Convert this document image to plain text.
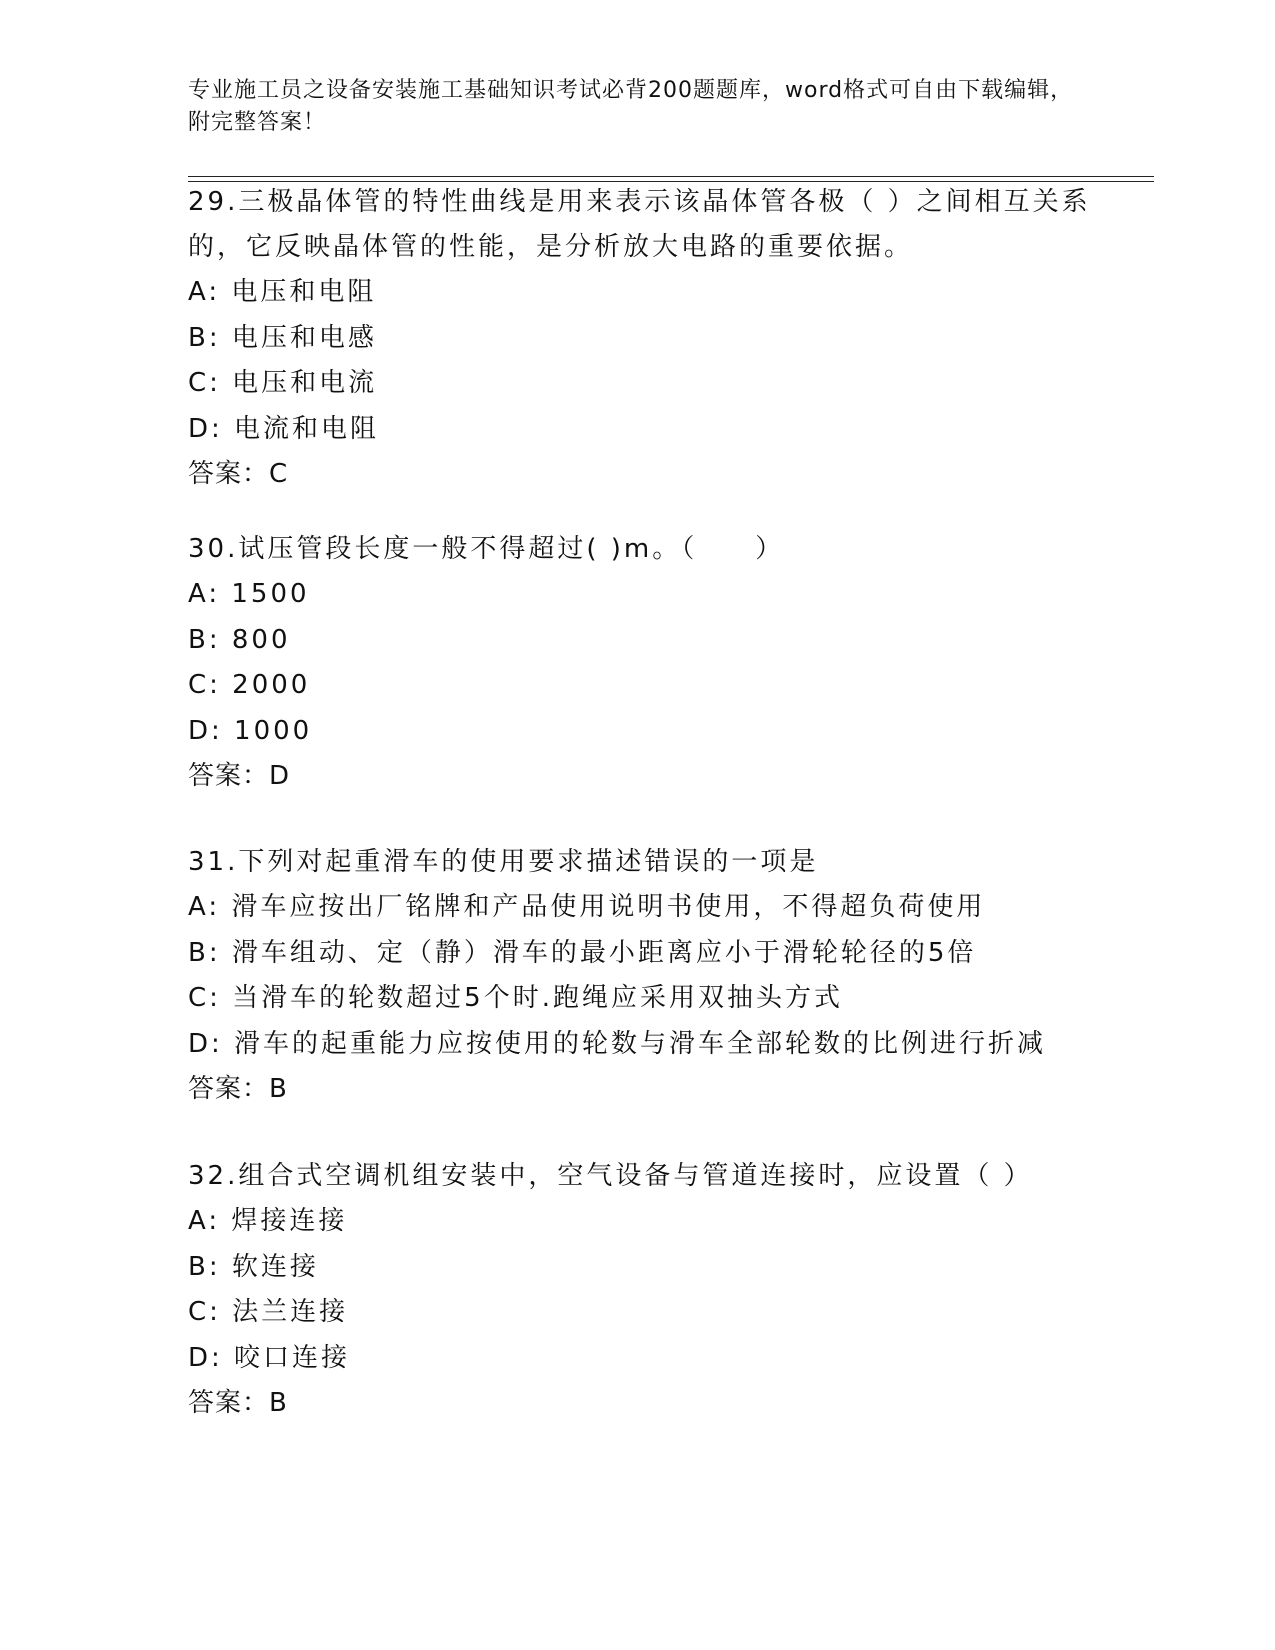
专业施工员之设备安装施工基础知识考试必背200题题库，word格式可自由下载编辑，附完整答案！

29.三极晶体管的特性曲线是用来表示该晶体管各极（ ）之间相互关系的，它反映晶体管的性能，是分析放大电路的重要依据。

A: 电压和电阻

B: 电压和电感

C: 电压和电流

D: 电流和电阻

答案：C

30.试压管段长度一般不得超过( )m。（　　）

A: 1500

B: 800

C: 2000

D: 1000

答案：D

31.下列对起重滑车的使用要求描述错误的一项是

A: 滑车应按出厂铭牌和产品使用说明书使用，不得超负荷使用

B: 滑车组动、定（静）滑车的最小距离应小于滑轮轮径的5倍

C: 当滑车的轮数超过5个时.跑绳应采用双抽头方式

D: 滑车的起重能力应按使用的轮数与滑车全部轮数的比例进行折减

答案：B

32.组合式空调机组安装中，空气设备与管道连接时，应设置（ ）

A: 焊接连接

B: 软连接

C: 法兰连接

D: 咬口连接

答案：B
